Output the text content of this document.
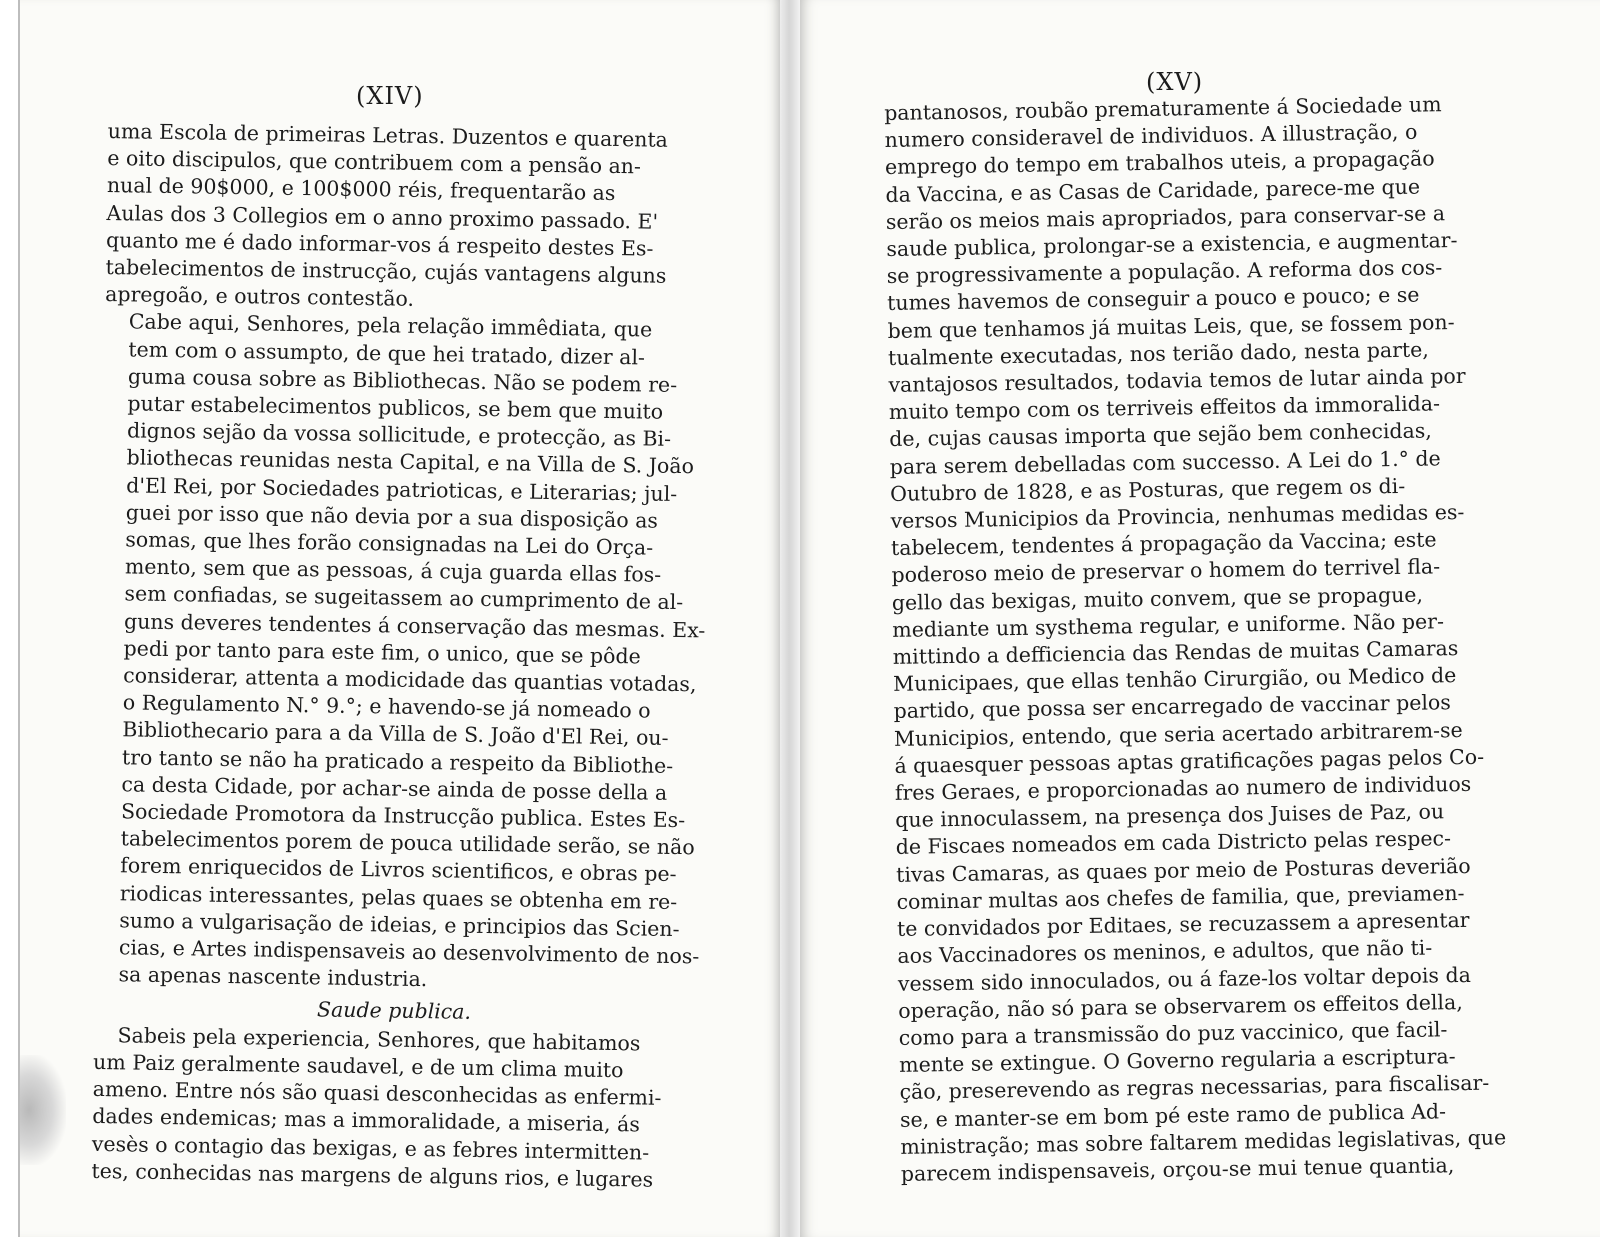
(XIV)
uma Escola de primeiras Letras. Duzentos e quarenta
e oito discipulos, que contribuem com a pensão an-
nual de 90$000, e 100$000 réis, frequentarão as
Aulas dos 3 Collegios em o anno proximo passado. E'
quanto me é dado informar-vos á respeito destes Es-
tabelecimentos de instrucção, cujás vantagens alguns
apregoão, e outros contestão.
Cabe aqui, Senhores, pela relação immêdiata, que
tem com o assumpto, de que hei tratado, dizer al-
guma cousa sobre as Bibliothecas. Não se podem re-
putar estabelecimentos publicos, se bem que muito
dignos sejão da vossa sollicitude, e protecção, as Bi-
bliothecas reunidas nesta Capital, e na Villa de S. João
d'El Rei, por Sociedades patrioticas, e Literarias; jul-
guei por isso que não devia por a sua disposição as
somas, que lhes forão consignadas na Lei do Orça-
mento, sem que as pessoas, á cuja guarda ellas fos-
sem confiadas, se sugeitassem ao cumprimento de al-
guns deveres tendentes á conservação das mesmas. Ex-
pedi por tanto para este fim, o unico, que se pôde
considerar, attenta a modicidade das quantias votadas,
o Regulamento N.° 9.°; e havendo-se já nomeado o
Bibliothecario para a da Villa de S. João d'El Rei, ou-
tro tanto se não ha praticado a respeito da Bibliothe-
ca desta Cidade, por achar-se ainda de posse della a
Sociedade Promotora da Instrucção publica. Estes Es-
tabelecimentos porem de pouca utilidade serão, se não
forem enriquecidos de Livros scientificos, e obras pe-
riodicas interessantes, pelas quaes se obtenha em re-
sumo a vulgarisação de ideias, e principios das Scien-
cias, e Artes indispensaveis ao desenvolvimento de nos-
sa apenas nascente industria.
Saude publica.
Sabeis pela experiencia, Senhores, que habitamos
um Paiz geralmente saudavel, e de um clima muito
ameno. Entre nós são quasi desconhecidas as enfermi-
dades endemicas; mas a immoralidade, a miseria, ás
vesès o contagio das bexigas, e as febres intermitten-
tes, conhecidas nas margens de alguns rios, e lugares
(XV)
pantanosos, roubão prematuramente á Sociedade um
numero consideravel de individuos. A illustração, o
emprego do tempo em trabalhos uteis, a propagação
da Vaccina, e as Casas de Caridade, parece-me que
serão os meios mais apropriados, para conservar-se a
saude publica, prolongar-se a existencia, e augmentar-
se progressivamente a população. A reforma dos cos-
tumes havemos de conseguir a pouco e pouco; e se
bem que tenhamos já muitas Leis, que, se fossem pon-
tualmente executadas, nos terião dado, nesta parte,
vantajosos resultados, todavia temos de lutar ainda por
muito tempo com os terriveis effeitos da immoralida-
de, cujas causas importa que sejão bem conhecidas,
para serem debelladas com successo. A Lei do 1.° de
Outubro de 1828, e as Posturas, que regem os di-
versos Municipios da Provincia, nenhumas medidas es-
tabelecem, tendentes á propagação da Vaccina; este
poderoso meio de preservar o homem do terrivel fla-
gello das bexigas, muito convem, que se propague,
mediante um systhema regular, e uniforme. Não per-
mittindo a defficiencia das Rendas de muitas Camaras
Municipaes, que ellas tenhão Cirurgião, ou Medico de
partido, que possa ser encarregado de vaccinar pelos
Municipios, entendo, que seria acertado arbitrarem-se
á quaesquer pessoas aptas gratificações pagas pelos Co-
fres Geraes, e proporcionadas ao numero de individuos
que innoculassem, na presença dos Juises de Paz, ou
de Fiscaes nomeados em cada Districto pelas respec-
tivas Camaras, as quaes por meio de Posturas deverião
cominar multas aos chefes de familia, que, previamen-
te convidados por Editaes, se recuzassem a apresentar
aos Vaccinadores os meninos, e adultos, que não ti-
vessem sido innoculados, ou á faze-los voltar depois da
operação, não só para se observarem os effeitos della,
como para a transmissão do puz vaccinico, que facil-
mente se extingue. O Governo regularia a escriptura-
ção, preserevendo as regras necessarias, para fiscalisar-
se, e manter-se em bom pé este ramo de publica Ad-
ministração; mas sobre faltarem medidas legislativas, que
parecem indispensaveis, orçou-se mui tenue quantia,
